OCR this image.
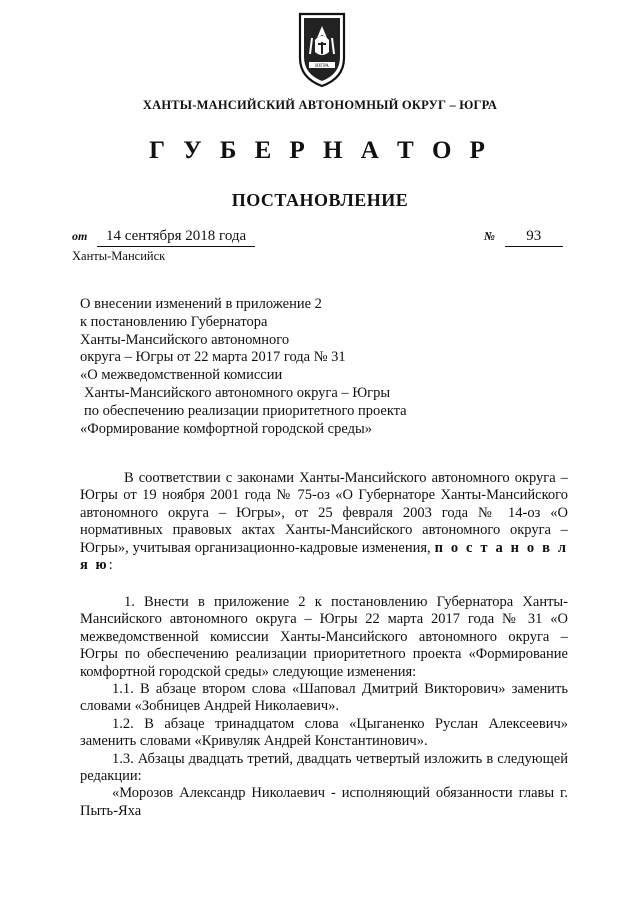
ЮГРА
ХАНТЫ-МАНСИЙСКИЙ АВТОНОМНЫЙ ОКРУГ – ЮГРА
Г У Б Е Р Н А Т О Р
ПОСТАНОВЛЕНИЕ
от 14 сентября 2018 года	№ 93
Ханты-Мансийск
О внесении изменений в приложение 2
к постановлению Губернатора
Ханты-Мансийского автономного
округа – Югры от 22 марта 2017 года № 31
«О межведомственной комиссии
Ханты-Мансийского автономного округа – Югры
по обеспечению реализации приоритетного проекта
«Формирование комфортной городской среды»

В соответствии с законами Ханты-Мансийского автономного округа – Югры от 19 ноября 2001 года № 75-оз «О Губернаторе Ханты-Мансийского автономного округа – Югры», от 25 февраля 2003 года № 14-оз «О нормативных правовых актах Ханты-Мансийского автономного округа – Югры», учитывая организационно-кадровые изменения, п о с т а н о в л я ю:

1. Внести в приложение 2 к постановлению Губернатора Ханты-Мансийского автономного округа – Югры 22 марта 2017 года № 31 «О межведомственной комиссии Ханты-Мансийского автономного округа – Югры по обеспечению реализации приоритетного проекта «Формирование комфортной городской среды» следующие изменения:

1.1. В абзаце втором слова «Шаповал Дмитрий Викторович» заменить словами «Зобницев Андрей Николаевич».

1.2. В абзаце тринадцатом слова «Цыганенко Руслан Алексеевич» заменить словами «Кривуляк Андрей Константинович».

1.3. Абзацы двадцать третий, двадцать четвертый изложить в следующей редакции:

«Морозов Александр Николаевич - исполняющий обязанности главы г. Пыть-Яха
